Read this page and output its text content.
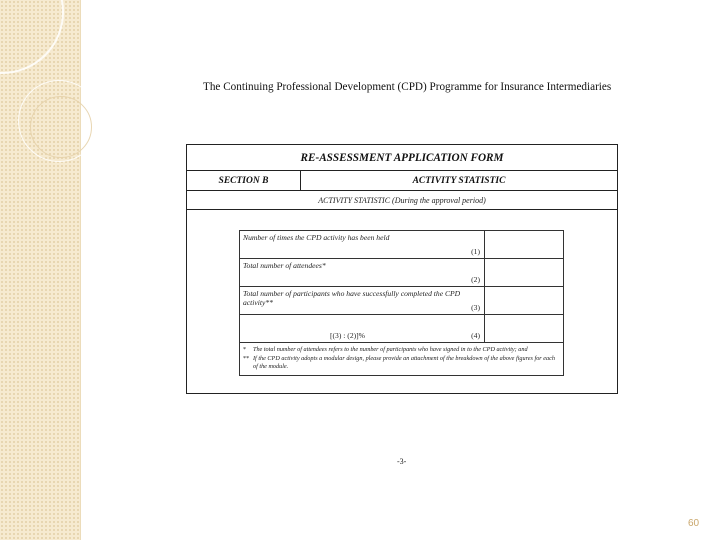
The Continuing Professional Development (CPD) Programme for Insurance Intermediaries
RE-ASSESSMENT APPLICATION FORM
SECTION B	ACTIVITY STATISTIC
ACTIVITY STATISTIC (During the approval period)
Number of times the CPD activity has been held
(1)
Total number of attendees*
(2)
Total number of participants who have successfully completed the CPD activity**
(3)
[(3) : (2)]%	(4)
*	The total number of attendees refers to the number of participants who have signed in to the CPD activity; and
** If the CPD activity adopts a modular design, please provide an attachment of the breakdown of the above figures for each of the module.
-3-
60
